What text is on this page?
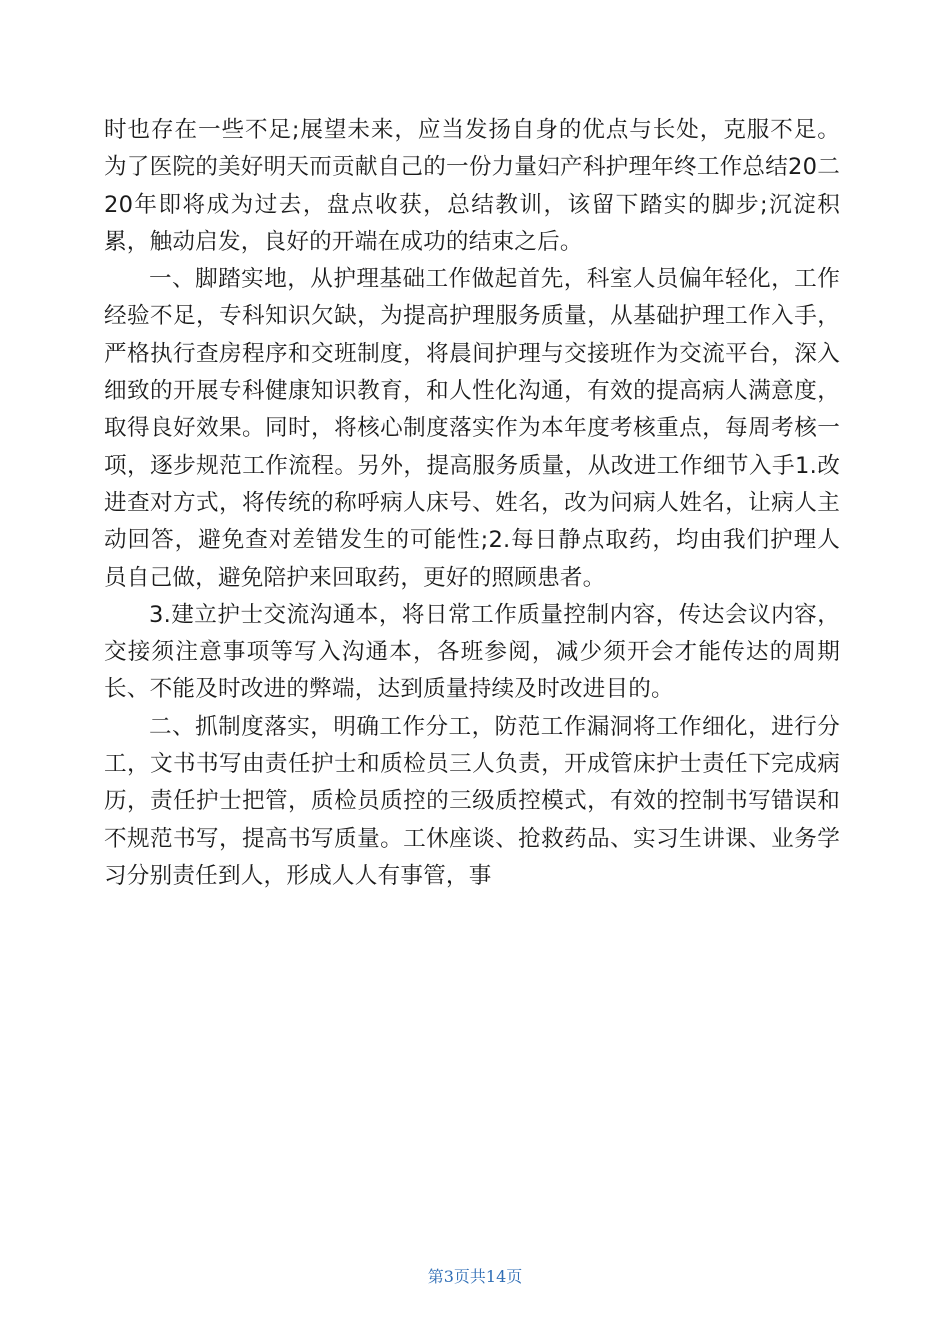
时也存在一些不足;展望未来，应当发扬自身的优点与长处，克服不足。为了医院的美好明天而贡献自己的一份力量妇产科护理年终工作总结20二20年即将成为过去，盘点收获，总结教训，该留下踏实的脚步;沉淀积累，触动启发，良好的开端在成功的结束之后。

一、脚踏实地，从护理基础工作做起首先，科室人员偏年轻化，工作经验不足，专科知识欠缺，为提高护理服务质量，从基础护理工作入手，严格执行查房程序和交班制度，将晨间护理与交接班作为交流平台，深入细致的开展专科健康知识教育，和人性化沟通，有效的提高病人满意度，取得良好效果。同时，将核心制度落实作为本年度考核重点，每周考核一项，逐步规范工作流程。另外，提高服务质量，从改进工作细节入手1.改进查对方式，将传统的称呼病人床号、姓名，改为问病人姓名，让病人主动回答，避免查对差错发生的可能性;2.每日静点取药，均由我们护理人员自己做，避免陪护来回取药，更好的照顾患者。

3.建立护士交流沟通本，将日常工作质量控制内容，传达会议内容，交接须注意事项等写入沟通本，各班参阅，减少须开会才能传达的周期长、不能及时改进的弊端，达到质量持续及时改进目的。

二、抓制度落实，明确工作分工，防范工作漏洞将工作细化，进行分工，文书书写由责任护士和质检员三人负责，开成管床护士责任下完成病历，责任护士把管，质检员质控的三级质控模式，有效的控制书写错误和不规范书写，提高书写质量。工休座谈、抢救药品、实习生讲课、业务学习分别责任到人，形成人人有事管，事

第3页共14页
